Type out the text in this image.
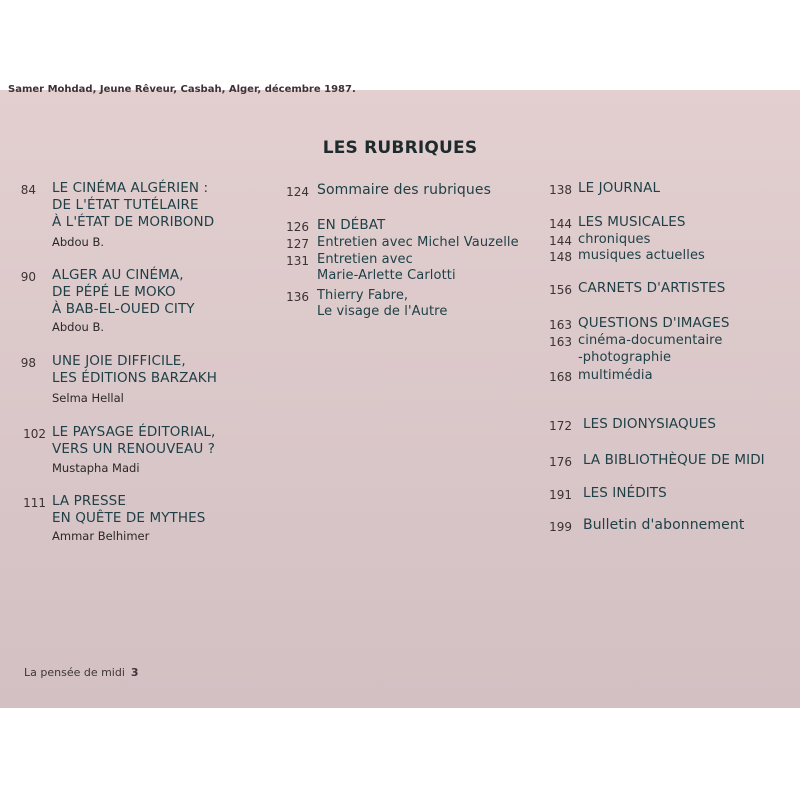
Samer Mohdad, Jeune Rêveur, Casbah, Alger, décembre 1987.
LES RUBRIQUES
84 LE CINÉMA ALGÉRIEN :
DE L'ÉTAT TUTÉLAIRE
À L'ÉTAT DE MORIBOND
Abdou B.
90 ALGER AU CINÉMA,
DE PÉPÉ LE MOKO
À BAB-EL-OUED CITY
Abdou B.
98 UNE JOIE DIFFICILE,
LES ÉDITIONS BARZAKH
Selma Hellal
102 LE PAYSAGE ÉDITORIAL,
VERS UN RENOUVEAU ?
Mustapha Madi
111 LA PRESSE
EN QUÊTE DE MYTHES
Ammar Belhimer
124 Sommaire des rubriques
126 EN DÉBAT
127 Entretien avec Michel Vauzelle
131 Entretien avec
Marie-Arlette Carlotti
136 Thierry Fabre,
Le visage de l'Autre
138 LE JOURNAL
144 LES MUSICALES
144 chroniques
148 musiques actuelles
156 CARNETS D'ARTISTES
163 QUESTIONS D'IMAGES
163 cinéma-documentaire
-photographie
168 multimédia
172 LES DIONYSIAQUES
176 LA BIBLIOTHÈQUE DE MIDI
191 LES INÉDITS
199 Bulletin d'abonnement
La pensée de midi 3
